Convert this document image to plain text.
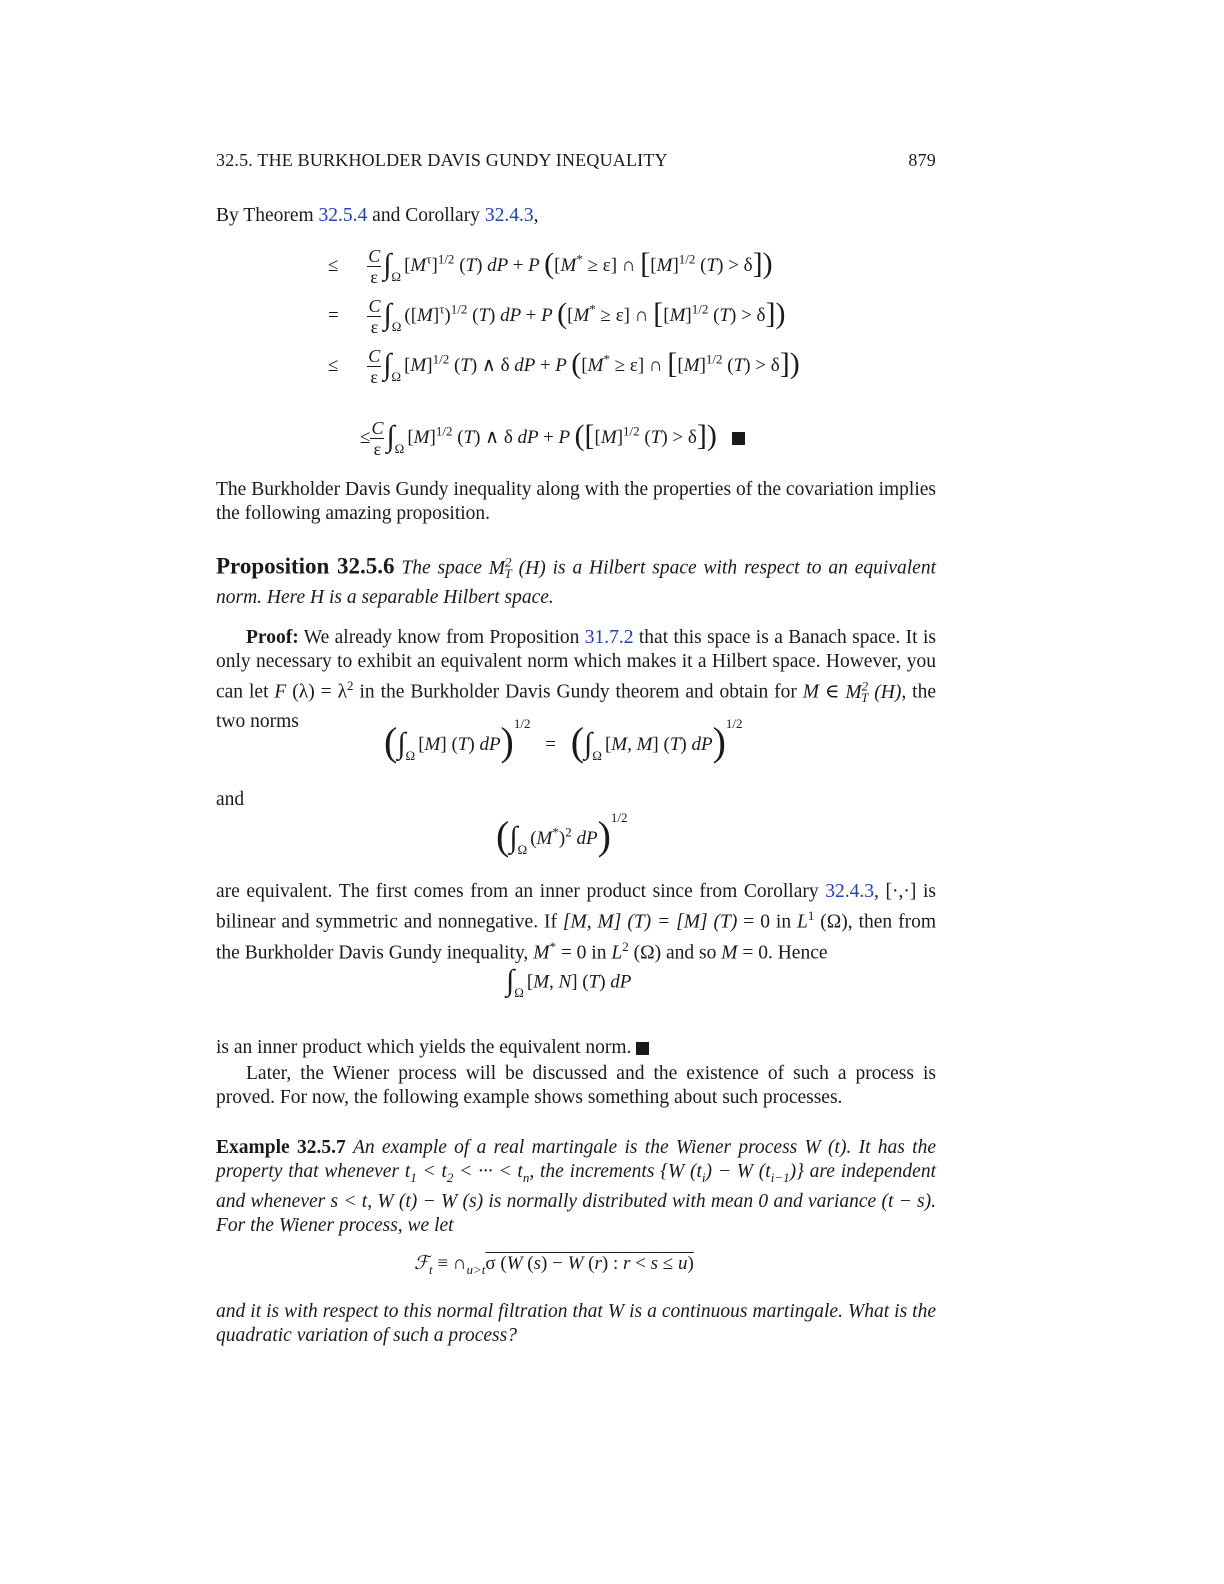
32.5. THE BURKHOLDER DAVIS GUNDY INEQUALITY	879

By Theorem 32.5.4 and Corollary 32.4.3,

≤ $\frac{C}{\varepsilon} \int_\Omega[M^\tau]^{1/2}$ (T) dP + P ([M* ≥ ε] ∩ [$[M]^{1/2}$ (T) > δ])
= $\frac{C}{\varepsilon} \int_\Omega([M]^\tau)^{1/2}$ (T) dP + P ([M* ≥ ε] ∩ [$[M]^{1/2}$ (T) > δ])
≤ $\frac{C}{\varepsilon} \int_\Omega[M]^{1/2}$ (T) ∧ δ dP + P ([M* ≥ ε] ∩ [$[M]^{1/2}$ (T) > δ])
≤ $\frac{C}{\varepsilon} \int_\Omega[M]^{1/2}$ (T) ∧ δ dP + P ([$[M]^{1/2}$ (T) > δ])

The Burkholder Davis Gundy inequality along with the properties of the covariation implies the following amazing proposition.

Proposition 32.5.6 The space $M^2_T$ (H) is a Hilbert space with respect to an equivalent norm. Here H is a separable Hilbert space.

Proof: We already know from Proposition 31.7.2 that this space is a Banach space. It is only necessary to exhibit an equivalent norm which makes it a Hilbert space. However, you can let F $(\lambda) = \lambda^2$ in the Burkholder Davis Gundy theorem and obtain for M ∈ $M^2_T$ (H), the two norms	($\int_\Omega[M]$ (T) $dP)^{1/2} = (\int_\Omega[M$, M] (T) dP)$^{1/2}$

and

($\int_\Omega(M^*)^2$ dP)$^{1/2}$

are equivalent. The first comes from an inner product since from Corollary 32.4.3, [·,·] is bilinear and symmetric and nonnegative. If [M, M] (T) = [M] (T) = 0 in $L^1$ (Ω), then from the Burkholder Davis Gundy inequality, M* = 0 in $L^2$ (Ω) and so M = 0. Hence

$\int_\Omega[M$, N] (T) dP

is an inner product which yields the equivalent norm.

Later, the Wiener process will be discussed and the existence of such a process is proved. For now, the following example shows something about such processes.

Example 32.5.7 An example of a real martingale is the Wiener process W (t). It has the property that whenever $t_1 < t_2$ < ··· < $t_n$, the increments {W $(t_i) - W$ $(t_{i-1})$} are independent and whenever s < t, W (t) − W (s) is normally distributed with mean 0 and variance (t − s). For the Wiener process, we let

ℱ$_t$ ≡ $\cap_{u>t}\sigma$ (W (s) − W (r) : r < s ≤ u)

and it is with respect to this normal filtration that W is a continuous martingale. What is the quadratic variation of such a process?
